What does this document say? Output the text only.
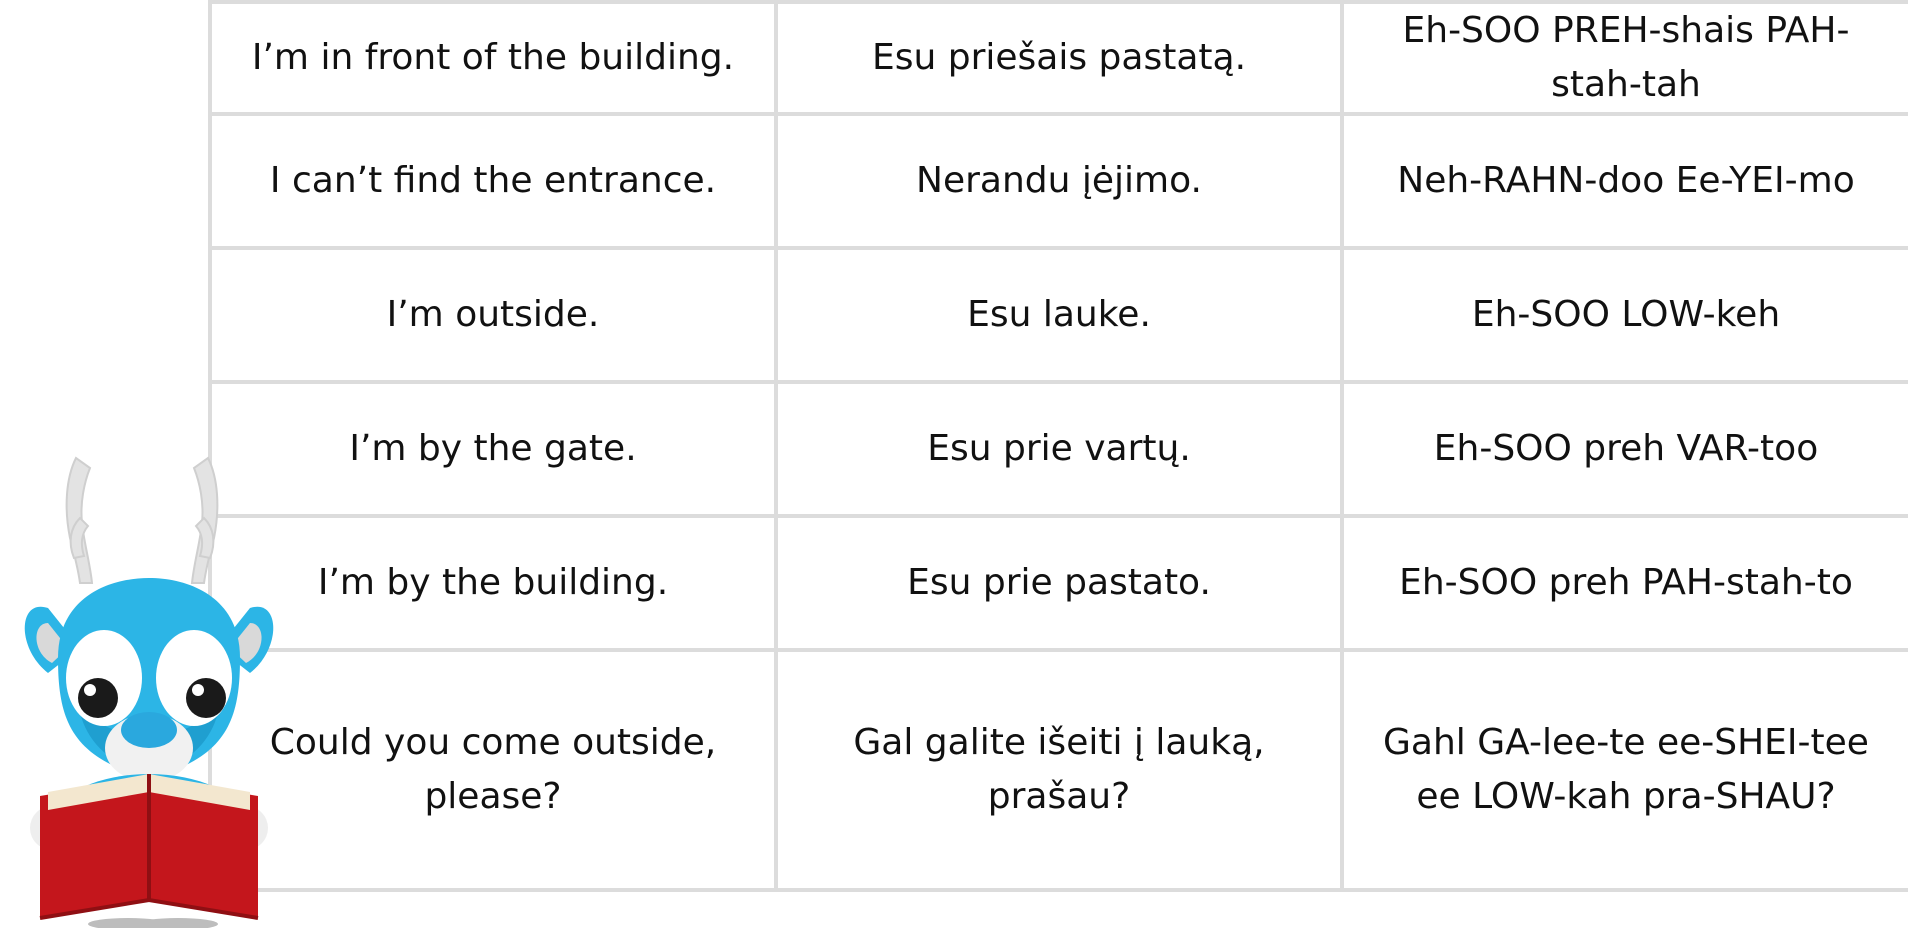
I’m in front of the building.	Esu priešais pastatą.	Eh-SOO PREH-shais PAH-stah-tah
I can’t find the entrance.	Nerandu įėjimo.	Neh-RAHN-doo Ee-YEI-mo
I’m outside.	Esu lauke.	Eh-SOO LOW-keh
I’m by the gate.	Esu prie vartų.	Eh-SOO preh VAR-too
I’m by the building.	Esu prie pastato.	Eh-SOO preh PAH-stah-to
Could you come outside, please?	Gal galite išeiti į lauką, prašau?	Gahl GA-lee-te ee-SHEI-tee ee LOW-kah pra-SHAU?
